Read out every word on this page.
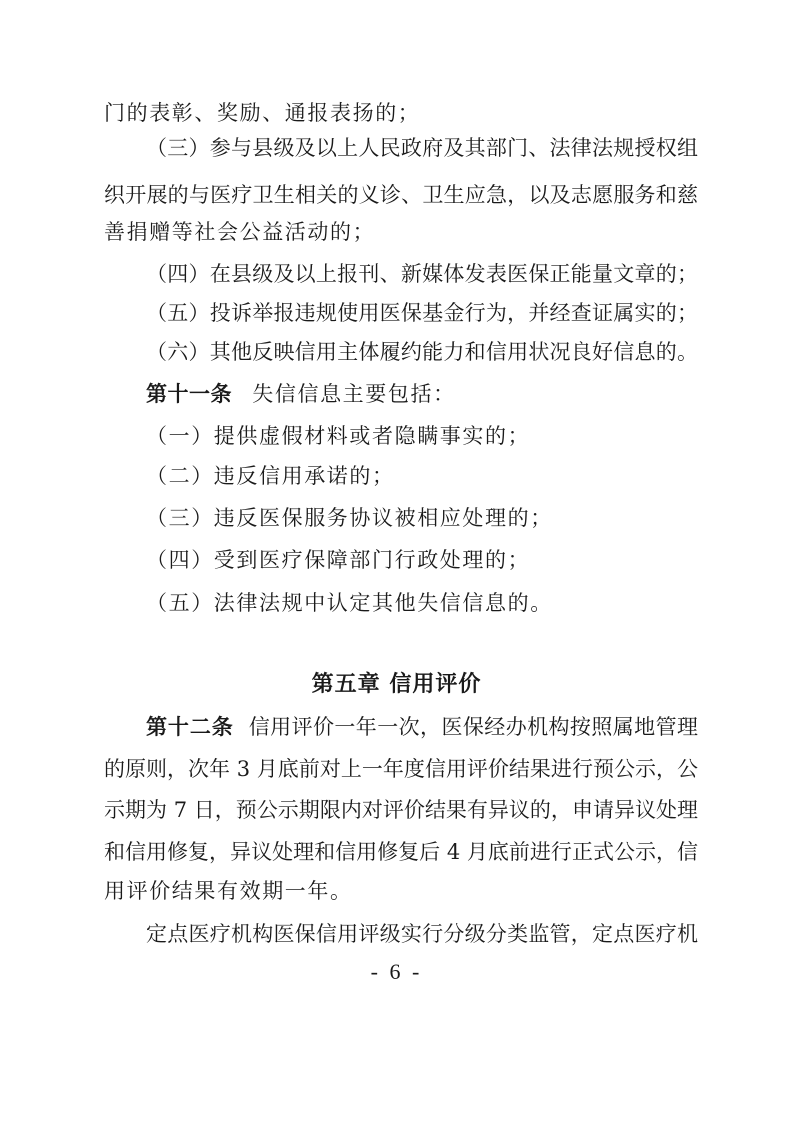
门的表彰、奖励、通报表扬的；
（三）参与县级及以上人民政府及其部门、法律法规授权组
织开展的与医疗卫生相关的义诊、卫生应急，以及志愿服务和慈
善捐赠等社会公益活动的；
（四）在县级及以上报刊、新媒体发表医保正能量文章的；
（五）投诉举报违规使用医保基金行为，并经查证属实的；
（六）其他反映信用主体履约能力和信用状况良好信息的。
第十一条 失信信息主要包括：
（一）提供虚假材料或者隐瞒事实的；
（二）违反信用承诺的；
（三）违反医保服务协议被相应处理的；
（四）受到医疗保障部门行政处理的；
（五）法律法规中认定其他失信信息的。
第五章 信用评价
第十二条 信用评价一年一次，医保经办机构按照属地管理
的原则，次年 3 月底前对上一年度信用评价结果进行预公示，公
示期为 7 日，预公示期限内对评价结果有异议的，申请异议处理
和信用修复，异议处理和信用修复后 4 月底前进行正式公示，信
用评价结果有效期一年。
定点医疗机构医保信用评级实行分级分类监管，定点医疗机
- 6 -
